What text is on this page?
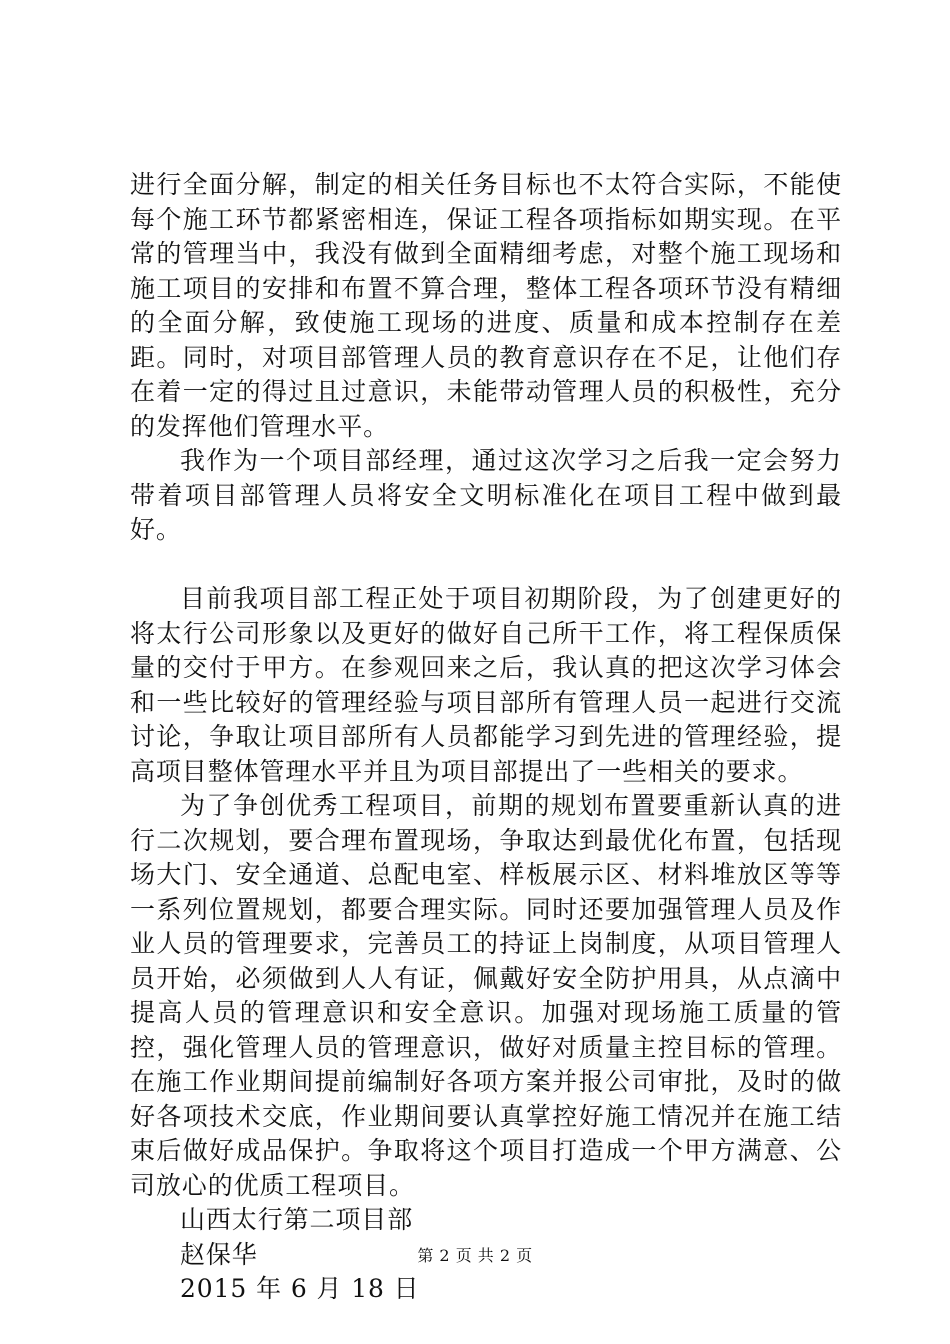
进行全面分解，制定的相关任务目标也不太符合实际，不能使每个施工环节都紧密相连，保证工程各项指标如期实现。在平常的管理当中，我没有做到全面精细考虑，对整个施工现场和施工项目的安排和布置不算合理，整体工程各项环节没有精细的全面分解，致使施工现场的进度、质量和成本控制存在差距。同时，对项目部管理人员的教育意识存在不足，让他们存在着一定的得过且过意识，未能带动管理人员的积极性，充分的发挥他们管理水平。

我作为一个项目部经理，通过这次学习之后我一定会努力带着项目部管理人员将安全文明标准化在项目工程中做到最好。

目前我项目部工程正处于项目初期阶段，为了创建更好的将太行公司形象以及更好的做好自己所干工作，将工程保质保量的交付于甲方。在参观回来之后，我认真的把这次学习体会和一些比较好的管理经验与项目部所有管理人员一起进行交流讨论，争取让项目部所有人员都能学习到先进的管理经验，提高项目整体管理水平并且为项目部提出了一些相关的要求。

为了争创优秀工程项目，前期的规划布置要重新认真的进行二次规划，要合理布置现场，争取达到最优化布置，包括现场大门、安全通道、总配电室、样板展示区、材料堆放区等等一系列位置规划，都要合理实际。同时还要加强管理人员及作业人员的管理要求，完善员工的持证上岗制度，从项目管理人员开始，必须做到人人有证，佩戴好安全防护用具，从点滴中提高人员的管理意识和安全意识。加强对现场施工质量的管控，强化管理人员的管理意识，做好对质量主控目标的管理。在施工作业期间提前编制好各项方案并报公司审批，及时的做好各项技术交底，作业期间要认真掌控好施工情况并在施工结束后做好成品保护。争取将这个项目打造成一个甲方满意、公司放心的优质工程项目。

山西太行第二项目部

赵保华

2015 年 6 月 18 日

第 2 页 共 2 页
